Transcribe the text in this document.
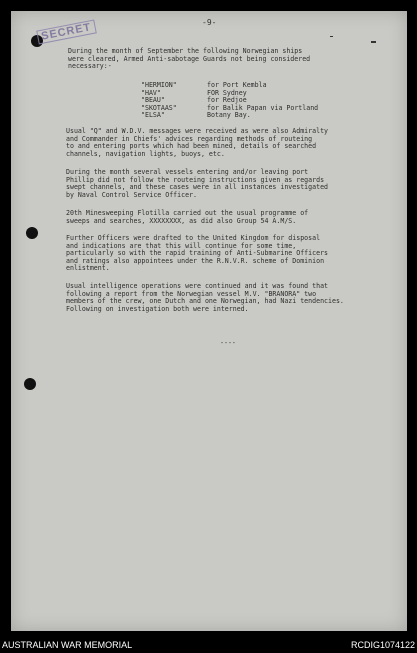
SECRET	-9-
During the month of September the following Norwegian ships
were cleared, Armed Anti-sabotage Guards not being considered
necessary:-
"HERMION"	for Port Kembla
"HAV"	FOR Sydney
"BEAU"	for Redjoe
"SKOTAAS"	for Balik Papan via Portland
"ELSA"	Botany Bay.
Usual "Q" and W.D.V. messages were received as were also Admiralty
and Commander in Chiefs' advices regarding methods of routeing
to and entering ports which had been mined, details of searched
channels, navigation lights, buoys, etc.
During the month several vessels entering and/or leaving port
Phillip did not follow the routeing instructions given as regards
swept channels, and these cases were in all instances investigated
by Naval Control Service Officer.
20th Minesweeping Flotilla carried out the usual programme of
sweeps and searches, XXXXXXXX, as did also Group 54 A.M/S.
Further Officers were drafted to the United Kingdom for disposal
and indications are that this will continue for some time,
particularly so with the rapid training of Anti-Submarine Officers
and ratings also appointees under the R.N.V.R. scheme of Dominion
enlistment.
Usual intelligence operations were continued and it was found that
following a report from the Norwegian vessel M.V. "BRANORA" two
members of the crew, one Dutch and one Norwegian, had Nazi tendencies.
Following on investigation both were interned.
----
AUSTRALIAN WAR MEMORIAL	RCDIG1074122
